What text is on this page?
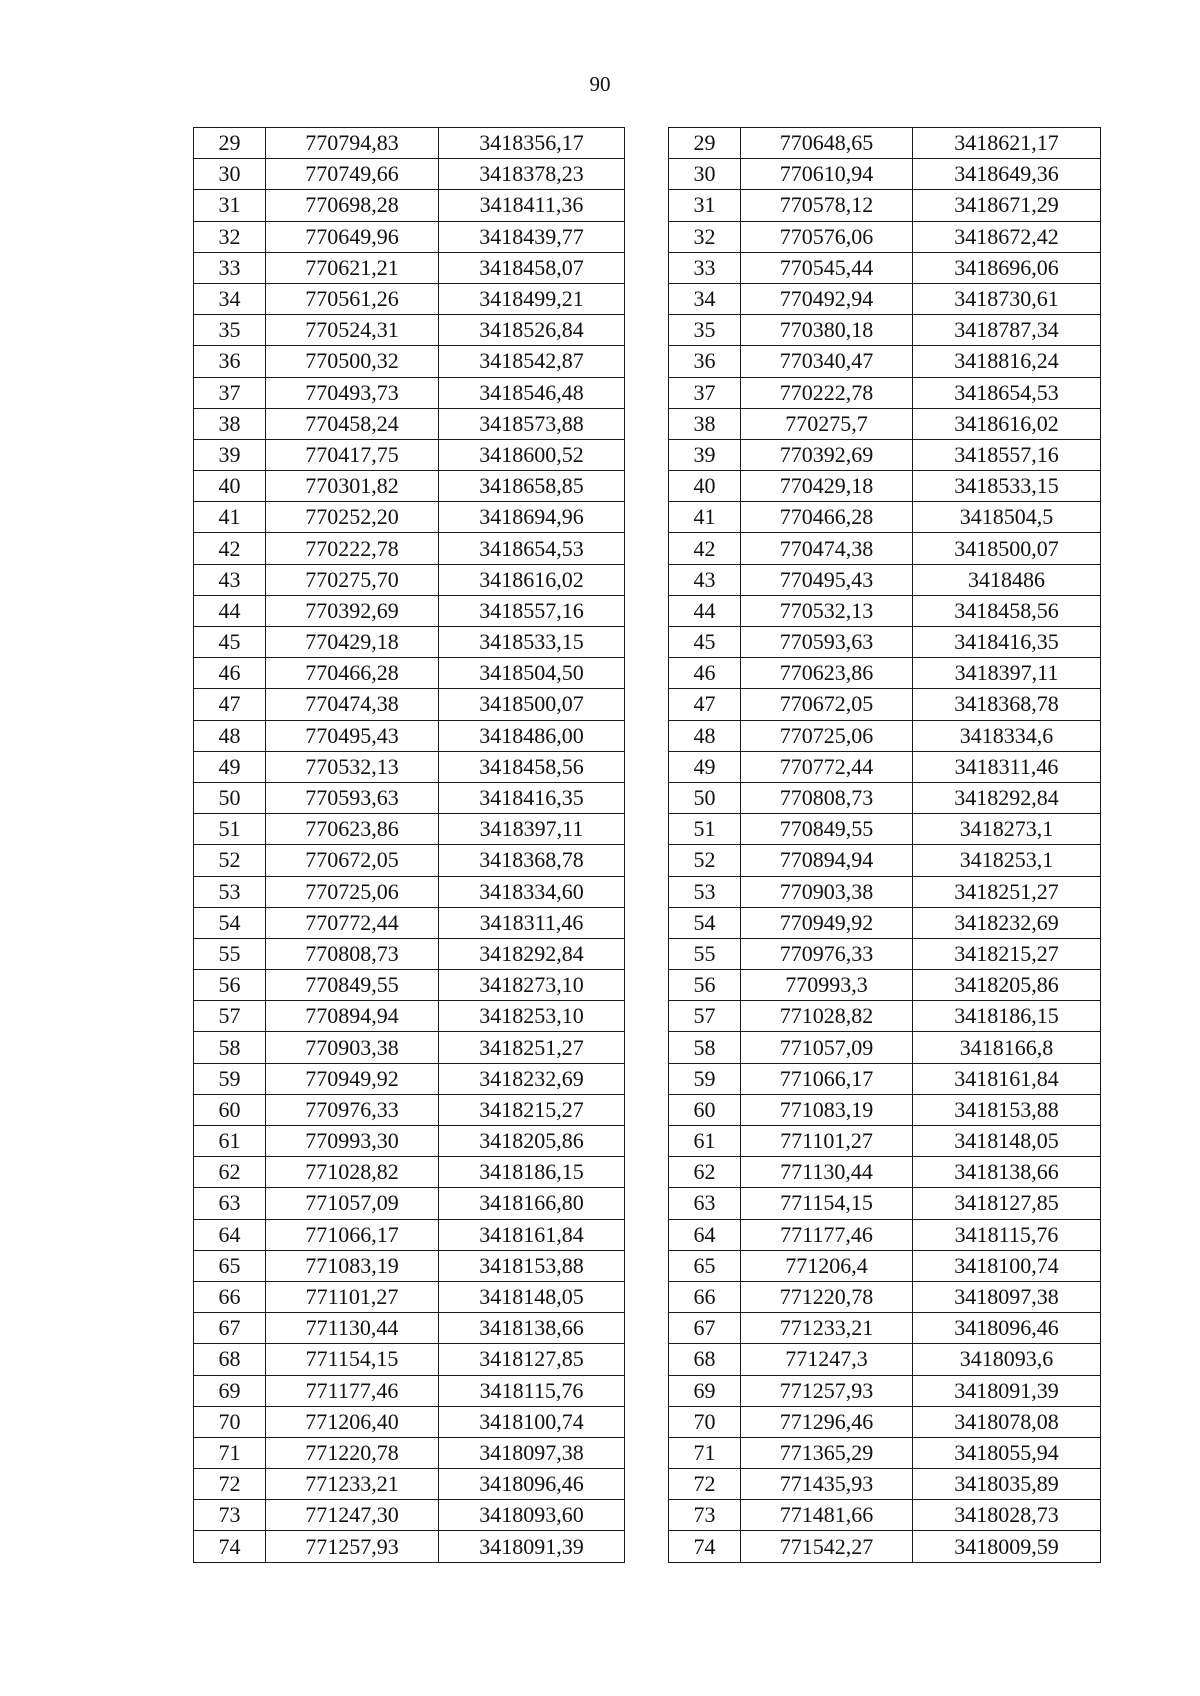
90
29	770794,83	3418356,17
30	770749,66	3418378,23
31	770698,28	3418411,36
32	770649,96	3418439,77
33	770621,21	3418458,07
34	770561,26	3418499,21
35	770524,31	3418526,84
36	770500,32	3418542,87
37	770493,73	3418546,48
38	770458,24	3418573,88
39	770417,75	3418600,52
40	770301,82	3418658,85
41	770252,20	3418694,96
42	770222,78	3418654,53
43	770275,70	3418616,02
44	770392,69	3418557,16
45	770429,18	3418533,15
46	770466,28	3418504,50
47	770474,38	3418500,07
48	770495,43	3418486,00
49	770532,13	3418458,56
50	770593,63	3418416,35
51	770623,86	3418397,11
52	770672,05	3418368,78
53	770725,06	3418334,60
54	770772,44	3418311,46
55	770808,73	3418292,84
56	770849,55	3418273,10
57	770894,94	3418253,10
58	770903,38	3418251,27
59	770949,92	3418232,69
60	770976,33	3418215,27
61	770993,30	3418205,86
62	771028,82	3418186,15
63	771057,09	3418166,80
64	771066,17	3418161,84
65	771083,19	3418153,88
66	771101,27	3418148,05
67	771130,44	3418138,66
68	771154,15	3418127,85
69	771177,46	3418115,76
70	771206,40	3418100,74
71	771220,78	3418097,38
72	771233,21	3418096,46
73	771247,30	3418093,60
74	771257,93	3418091,39
29	770648,65	3418621,17
30	770610,94	3418649,36
31	770578,12	3418671,29
32	770576,06	3418672,42
33	770545,44	3418696,06
34	770492,94	3418730,61
35	770380,18	3418787,34
36	770340,47	3418816,24
37	770222,78	3418654,53
38	770275,7	3418616,02
39	770392,69	3418557,16
40	770429,18	3418533,15
41	770466,28	3418504,5
42	770474,38	3418500,07
43	770495,43	3418486
44	770532,13	3418458,56
45	770593,63	3418416,35
46	770623,86	3418397,11
47	770672,05	3418368,78
48	770725,06	3418334,6
49	770772,44	3418311,46
50	770808,73	3418292,84
51	770849,55	3418273,1
52	770894,94	3418253,1
53	770903,38	3418251,27
54	770949,92	3418232,69
55	770976,33	3418215,27
56	770993,3	3418205,86
57	771028,82	3418186,15
58	771057,09	3418166,8
59	771066,17	3418161,84
60	771083,19	3418153,88
61	771101,27	3418148,05
62	771130,44	3418138,66
63	771154,15	3418127,85
64	771177,46	3418115,76
65	771206,4	3418100,74
66	771220,78	3418097,38
67	771233,21	3418096,46
68	771247,3	3418093,6
69	771257,93	3418091,39
70	771296,46	3418078,08
71	771365,29	3418055,94
72	771435,93	3418035,89
73	771481,66	3418028,73
74	771542,27	3418009,59
